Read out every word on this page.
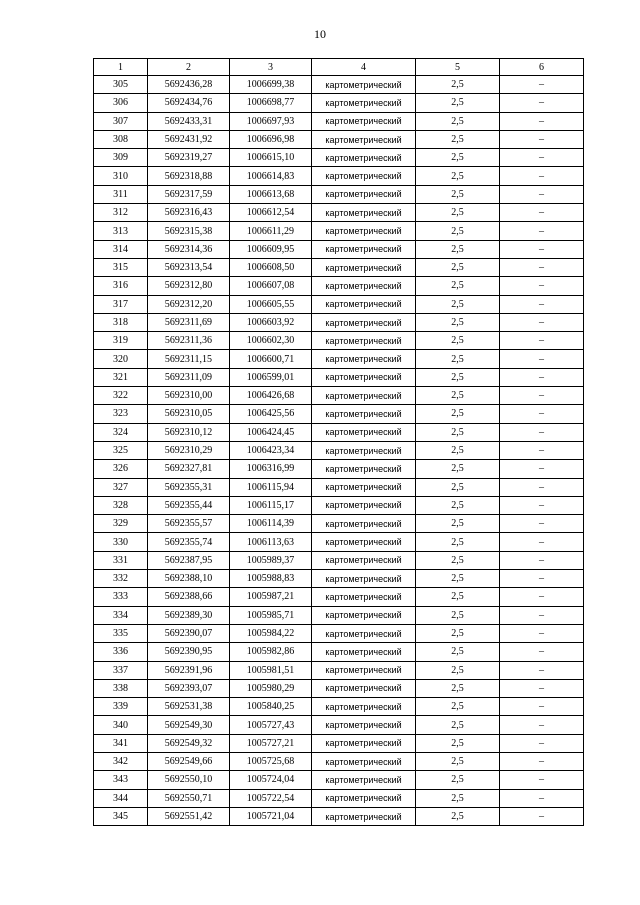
10
1	2	3	4	5	6
305	5692436,28	1006699,38	картометрический	2,5	–
306	5692434,76	1006698,77	картометрический	2,5	–
307	5692433,31	1006697,93	картометрический	2,5	–
308	5692431,92	1006696,98	картометрический	2,5	–
309	5692319,27	1006615,10	картометрический	2,5	–
310	5692318,88	1006614,83	картометрический	2,5	–
311	5692317,59	1006613,68	картометрический	2,5	–
312	5692316,43	1006612,54	картометрический	2,5	–
313	5692315,38	1006611,29	картометрический	2,5	–
314	5692314,36	1006609,95	картометрический	2,5	–
315	5692313,54	1006608,50	картометрический	2,5	–
316	5692312,80	1006607,08	картометрический	2,5	–
317	5692312,20	1006605,55	картометрический	2,5	–
318	5692311,69	1006603,92	картометрический	2,5	–
319	5692311,36	1006602,30	картометрический	2,5	–
320	5692311,15	1006600,71	картометрический	2,5	–
321	5692311,09	1006599,01	картометрический	2,5	–
322	5692310,00	1006426,68	картометрический	2,5	–
323	5692310,05	1006425,56	картометрический	2,5	–
324	5692310,12	1006424,45	картометрический	2,5	–
325	5692310,29	1006423,34	картометрический	2,5	–
326	5692327,81	1006316,99	картометрический	2,5	–
327	5692355,31	1006115,94	картометрический	2,5	–
328	5692355,44	1006115,17	картометрический	2,5	–
329	5692355,57	1006114,39	картометрический	2,5	–
330	5692355,74	1006113,63	картометрический	2,5	–
331	5692387,95	1005989,37	картометрический	2,5	–
332	5692388,10	1005988,83	картометрический	2,5	–
333	5692388,66	1005987,21	картометрический	2,5	–
334	5692389,30	1005985,71	картометрический	2,5	–
335	5692390,07	1005984,22	картометрический	2,5	–
336	5692390,95	1005982,86	картометрический	2,5	–
337	5692391,96	1005981,51	картометрический	2,5	–
338	5692393,07	1005980,29	картометрический	2,5	–
339	5692531,38	1005840,25	картометрический	2,5	–
340	5692549,30	1005727,43	картометрический	2,5	–
341	5692549,32	1005727,21	картометрический	2,5	–
342	5692549,66	1005725,68	картометрический	2,5	–
343	5692550,10	1005724,04	картометрический	2,5	–
344	5692550,71	1005722,54	картометрический	2,5	–
345	5692551,42	1005721,04	картометрический	2,5	–
